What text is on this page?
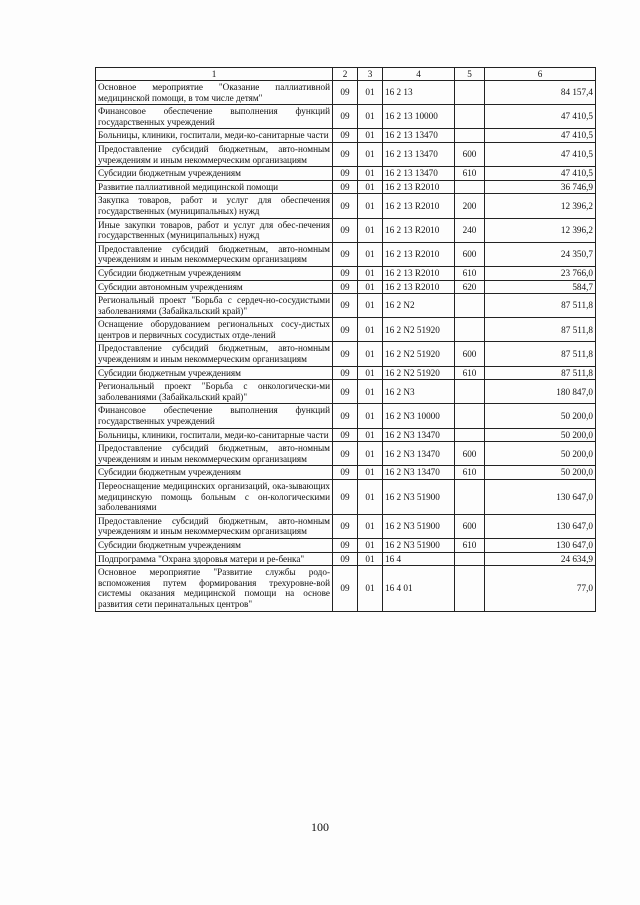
1	2	3	4	5	6
Основное мероприятие "Оказание паллиативной медицинской помощи, в том числе детям"	09	01	16 2 13		84 157,4
Финансовое обеспечение выполнения функций государственных учреждений	09	01	16 2 13 10000		47 410,5
Больницы, клиники, госпитали, меди-ко-санитарные части	09	01	16 2 13 13470		47 410,5
Предоставление субсидий бюджетным, авто-номным учреждениям и иным некоммерческим организациям	09	01	16 2 13 13470	600	47 410,5
Субсидии бюджетным учреждениям	09	01	16 2 13 13470	610	47 410,5
Развитие паллиативной медицинской помощи	09	01	16 2 13 R2010		36 746,9
Закупка товаров, работ и услуг для обеспечения государственных (муниципальных) нужд	09	01	16 2 13 R2010	200	12 396,2
Иные закупки товаров, работ и услуг для обес-печения государственных (муниципальных) нужд	09	01	16 2 13 R2010	240	12 396,2
Предоставление субсидий бюджетным, авто-номным учреждениям и иным некоммерческим организациям	09	01	16 2 13 R2010	600	24 350,7
Субсидии бюджетным учреждениям	09	01	16 2 13 R2010	610	23 766,0
Субсидии автономным учреждениям	09	01	16 2 13 R2010	620	584,7
Региональный проект "Борьба с сердеч-но-сосудистыми заболеваниями (Забайкальский край)"	09	01	16 2 N2		87 511,8
Оснащение оборудованием региональных сосу-дистых центров и первичных сосудистых отде-лений	09	01	16 2 N2 51920		87 511,8
Предоставление субсидий бюджетным, авто-номным учреждениям и иным некоммерческим организациям	09	01	16 2 N2 51920	600	87 511,8
Субсидии бюджетным учреждениям	09	01	16 2 N2 51920	610	87 511,8
Региональный проект "Борьба с онкологически-ми заболеваниями (Забайкальский край)"	09	01	16 2 N3		180 847,0
Финансовое обеспечение выполнения функций государственных учреждений	09	01	16 2 N3 10000		50 200,0
Больницы, клиники, госпитали, меди-ко-санитарные части	09	01	16 2 N3 13470		50 200,0
Предоставление субсидий бюджетным, авто-номным учреждениям и иным некоммерческим организациям	09	01	16 2 N3 13470	600	50 200,0
Субсидии бюджетным учреждениям	09	01	16 2 N3 13470	610	50 200,0
Переоснащение медицинских организаций, ока-зывающих медицинскую помощь больным с он-кологическими заболеваниями	09	01	16 2 N3 51900		130 647,0
Предоставление субсидий бюджетным, авто-номным учреждениям и иным некоммерческим организациям	09	01	16 2 N3 51900	600	130 647,0
Субсидии бюджетным учреждениям	09	01	16 2 N3 51900	610	130 647,0
Подпрограмма "Охрана здоровья матери и ре-бенка"	09	01	16 4		24 634,9
Основное мероприятие "Развитие службы родо-вспоможения путем формирования трехуровне-вой системы оказания медицинской помощи на основе развития сети перинатальных центров"	09	01	16 4 01		77,0
100
